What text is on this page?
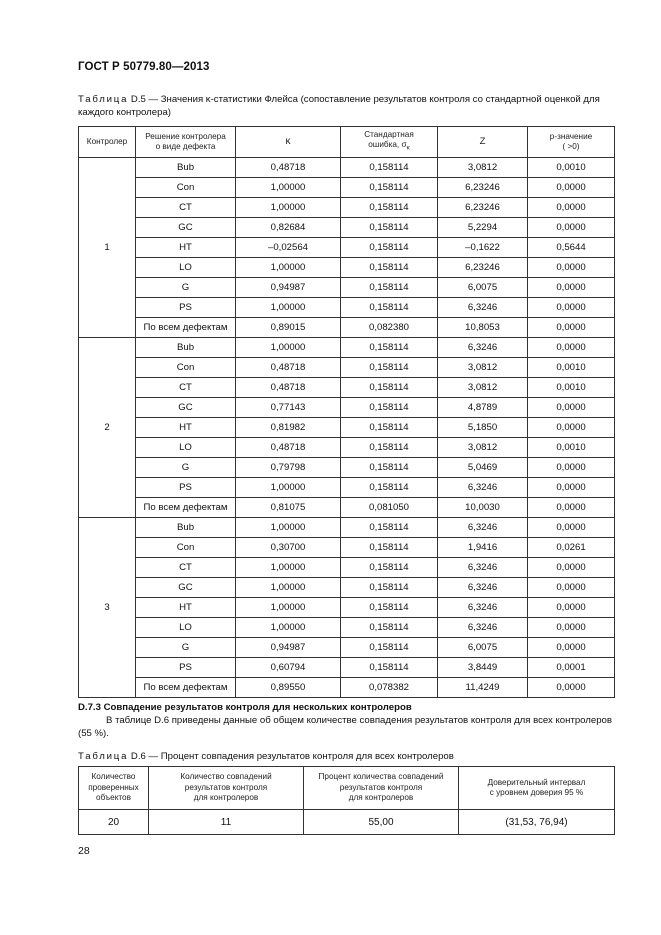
ГОСТ Р 50779.80—2013
Таблица D.5 — Значения κ-статистики Флейса (сопоставление результатов контроля со стандартной оценкой для каждого контролера)
Контролер	Решение контролера
о виде дефекта	κ	Стандартная
ошибка, $\sigma_\kappa$	Z	p-значение
( >0)
1	Bub	0,48718	0,158114	3,0812	0,0010
	Con	1,00000	0,158114	6,23246	0,0000
	CT	1,00000	0,158114	6,23246	0,0000
	GC	0,82684	0,158114	5,2294	0,0000
	HT	–0,02564	0,158114	–0,1622	0,5644
	LO	1,00000	0,158114	6,23246	0,0000
	G	0,94987	0,158114	6,0075	0,0000
	PS	1,00000	0,158114	6,3246	0,0000
	По всем дефектам	0,89015	0,082380	10,8053	0,0000
2	Bub	1,00000	0,158114	6,3246	0,0000
	Con	0,48718	0,158114	3,0812	0,0010
	CT	0,48718	0,158114	3,0812	0,0010
	GC	0,77143	0,158114	4,8789	0,0000
	HT	0,81982	0,158114	5,1850	0,0000
	LO	0,48718	0,158114	3,0812	0,0010
	G	0,79798	0,158114	5,0469	0,0000
	PS	1,00000	0,158114	6,3246	0,0000
	По всем дефектам	0,81075	0,081050	10,0030	0,0000
3	Bub	1,00000	0,158114	6,3246	0,0000
	Con	0,30700	0,158114	1,9416	0,0261
	CT	1,00000	0,158114	6,3246	0,0000
	GC	1,00000	0,158114	6,3246	0,0000
	HT	1,00000	0,158114	6,3246	0,0000
	LO	1,00000	0,158114	6,3246	0,0000
	G	0,94987	0,158114	6,0075	0,0000
	PS	0,60794	0,158114	3,8449	0,0001
	По всем дефектам	0,89550	0,078382	11,4249	0,0000
D.7.3 Совпадение результатов контроля для нескольких контролеров
В таблице D.6 приведены данные об общем количестве совпадения результатов контроля для всех контролеров (55 %).
Таблица D.6 — Процент совпадения результатов контроля для всех контролеров
Количество
проверенных
объектов	Количество совпадений
результатов контроля
для контролеров	Процент количества совпадений
результатов контроля
для контролеров	Доверительный интервал
с уровнем доверия 95 %
20	11	55,00	(31,53, 76,94)
28
